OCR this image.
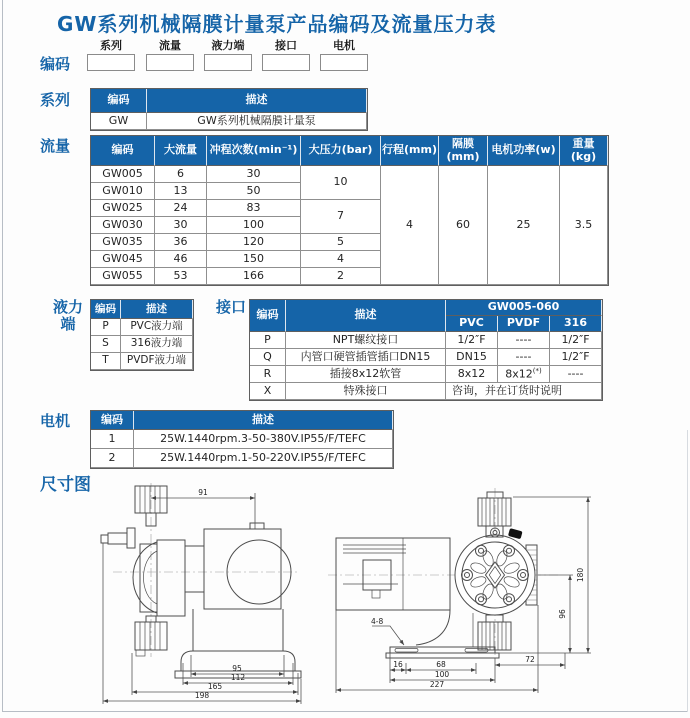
GW系列机械隔膜计量泵产品编码及流量压力表
编码
系列	流量	液力端	接口	电机
系列	编码	描述
GW	GW系列机械隔膜计量泵
流量	编码	大流量	冲程次数(min⁻¹)	大压力(bar)	行程(mm)	隔膜(mm)	电机功率(w)	重量(kg)
GW005	6	30	10	4	60	25	3.5
GW010	13	50					
GW025	24	83	7				
GW030	30	100					
GW035	36	120	5				
GW045	46	150	4				
GW055	53	166	2				
液力端
编码	描述
P	PVC液力端
S	316液力端
T	PVDF液力端
接口 编码	描述	GW005-060		
		PVC	PVDF	316
P	NPT螺纹接口	1/2″F	----	1/2″F
Q	内管口硬管插管插口DN15	DN15	----	1/2″F
R	插接8x12软管	8x12	8x12(*)	----
X	特殊接口	咨询，并在订货时说明		
电机	编码	描述
1	25W.1440rpm.3-50-380V.IP55/F/TEFC
2	25W.1440rpm.1-50-220V.IP55/F/TEFC
尺寸图	91
95
112
165
198
180
96
4-8
16	68
72
100
227
